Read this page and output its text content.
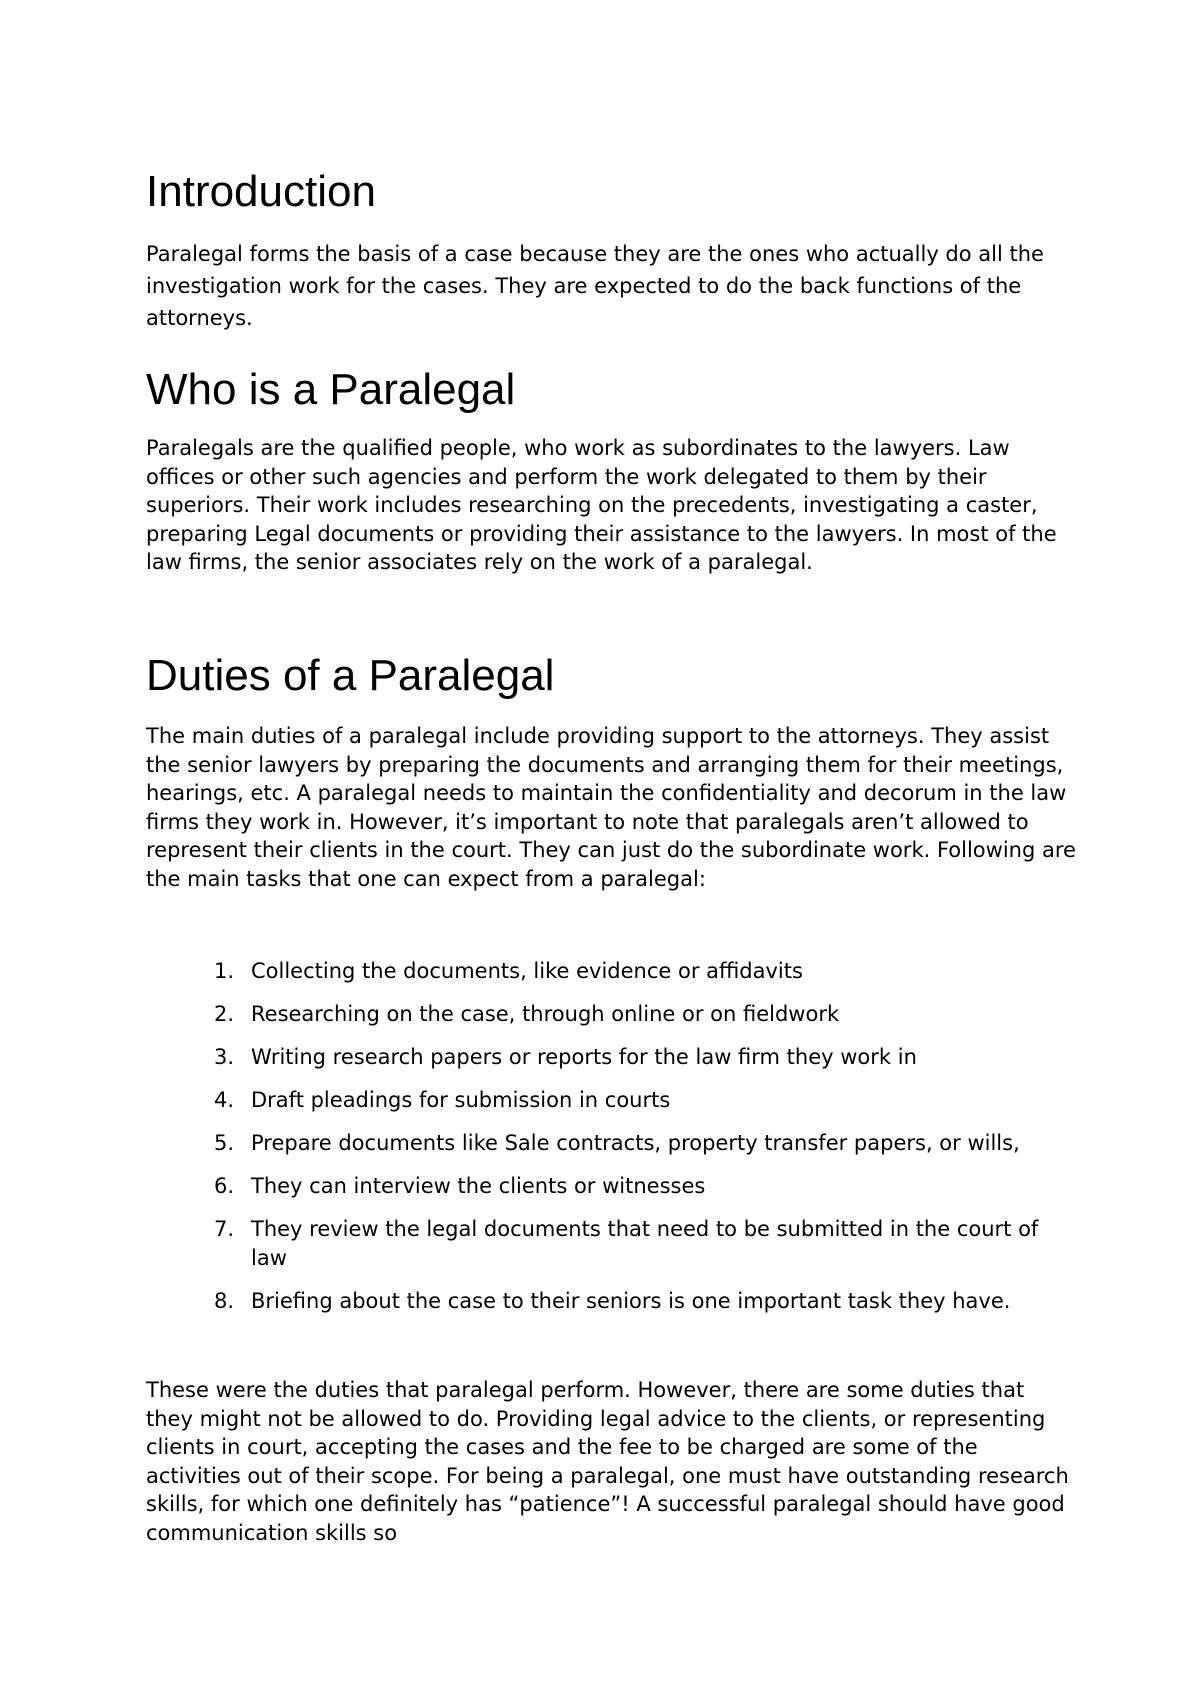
Introduction

Paralegal forms the basis of a case because they are the ones who actually do all the investigation work for the cases. They are expected to do the back functions of the attorneys.

Who is a Paralegal

Paralegals are the qualified people, who work as subordinates to the lawyers. Law offices or other such agencies and perform the work delegated to them by their superiors. Their work includes researching on the precedents, investigating a caster, preparing Legal documents or providing their assistance to the lawyers. In most of the law firms, the senior associates rely on the work of a paralegal.

Duties of a Paralegal

The main duties of a paralegal include providing support to the attorneys. They assist the senior lawyers by preparing the documents and arranging them for their meetings, hearings, etc. A paralegal needs to maintain the confidentiality and decorum in the law firms they work in. However, it’s important to note that paralegals aren’t allowed to represent their clients in the court. They can just do the subordinate work. Following are the main tasks that one can expect from a paralegal:

1. Collecting the documents, like evidence or affidavits
2. Researching on the case, through online or on fieldwork
3. Writing research papers or reports for the law firm they work in
4. Draft pleadings for submission in courts
5. Prepare documents like Sale contracts, property transfer papers, or wills,
6. They can interview the clients or witnesses
7. They review the legal documents that need to be submitted in the court of law
8. Briefing about the case to their seniors is one important task they have.

These were the duties that paralegal perform. However, there are some duties that they might not be allowed to do. Providing legal advice to the clients, or representing clients in court, accepting the cases and the fee to be charged are some of the activities out of their scope. For being a paralegal, one must have outstanding research skills, for which one definitely has “patience”! A successful paralegal should have good communication skills so
